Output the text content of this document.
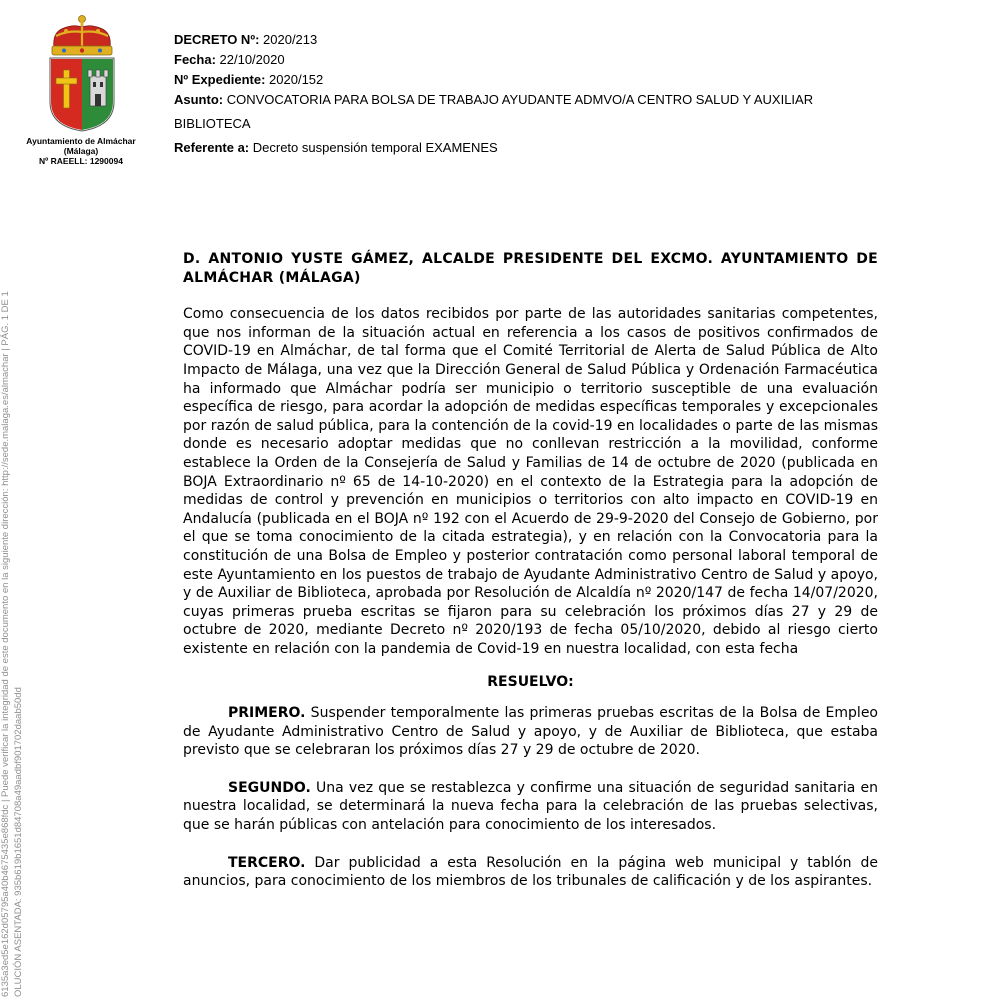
Ayuntamiento de Almáchar
(Málaga)
Nº RAEELL: 1290094
DECRETO Nº: 2020/213
Fecha: 22/10/2020
Nº Expediente: 2020/152
Asunto: CONVOCATORIA PARA BOLSA DE TRABAJO AYUDANTE ADMVO/A CENTRO SALUD Y AUXILIAR
BIBLIOTECA
Referente a: Decreto suspensión temporal EXAMENES
6135a3ed5e162d05795a40b4675435e868fdc | Puede verificar la integridad de este documento en la siguiente dirección: http://sede.malaga.es/almachar | PÁG. 1 DE 1 OLUCIÓN ASENTADA: 935b619b1651d84708a49aadbf901702daab50dd

D. ANTONIO YUSTE GÁMEZ, ALCALDE PRESIDENTE DEL EXCMO. AYUNTAMIENTO DE ALMÁCHAR (MÁLAGA)

Como consecuencia de los datos recibidos por parte de las autoridades sanitarias competentes, que nos informan de la situación actual en referencia a los casos de positivos confirmados de COVID-19 en Almáchar, de tal forma que el Comité Territorial de Alerta de Salud Pública de Alto Impacto de Málaga, una vez que la Dirección General de Salud Pública y Ordenación Farmacéutica ha informado que Almáchar podría ser municipio o territorio susceptible de una evaluación específica de riesgo, para acordar la adopción de medidas específicas temporales y excepcionales por razón de salud pública, para la contención de la covid-19 en localidades o parte de las mismas donde es necesario adoptar medidas que no conllevan restricción a la movilidad, conforme establece la Orden de la Consejería de Salud y Familias de 14 de octubre de 2020 (publicada en BOJA Extraordinario nº 65 de 14-10-2020) en el contexto de la Estrategia para la adopción de medidas de control y prevención en municipios o territorios con alto impacto en COVID-19 en Andalucía (publicada en el BOJA nº 192 con el Acuerdo de 29-9-2020 del Consejo de Gobierno, por el que se toma conocimiento de la citada estrategia), y en relación con la Convocatoria para la constitución de una Bolsa de Empleo y posterior contratación como personal laboral temporal de este Ayuntamiento en los puestos de trabajo de Ayudante Administrativo Centro de Salud y apoyo, y de Auxiliar de Biblioteca, aprobada por Resolución de Alcaldía nº 2020/147 de fecha 14/07/2020, cuyas primeras prueba escritas se fijaron para su celebración los próximos días 27 y 29 de octubre de 2020, mediante Decreto nº 2020/193 de fecha 05/10/2020, debido al riesgo cierto existente en relación con la pandemia de Covid-19 en nuestra localidad, con esta fecha

RESUELVO:

PRIMERO. Suspender temporalmente las primeras pruebas escritas de la Bolsa de Empleo de Ayudante Administrativo Centro de Salud y apoyo, y de Auxiliar de Biblioteca, que estaba previsto que se celebraran los próximos días 27 y 29 de octubre de 2020.

SEGUNDO. Una vez que se restablezca y confirme una situación de seguridad sanitaria en nuestra localidad, se determinará la nueva fecha para la celebración de las pruebas selectivas, que se harán públicas con antelación para conocimiento de los interesados.

TERCERO. Dar publicidad a esta Resolución en la página web municipal y tablón de anuncios, para conocimiento de los miembros de los tribunales de calificación y de los aspirantes.
